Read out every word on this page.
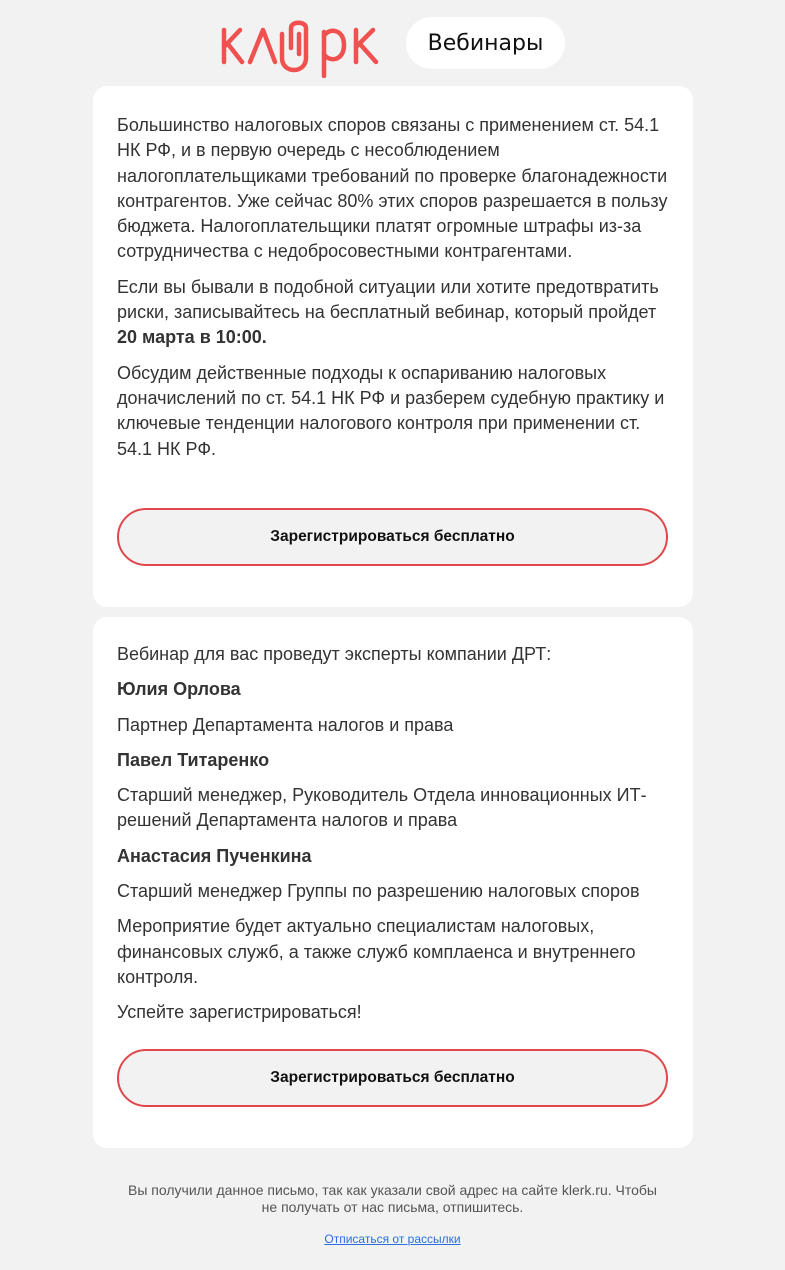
Вебинары

Большинство налоговых споров связаны с применением ст. 54.1 НК РФ, и в первую очередь с несоблюдением налогоплательщиками требований по проверке благонадежности контрагентов. Уже сейчас 80% этих споров разрешается в пользу бюджета. Налогоплательщики платят огромные штрафы из-за сотрудничества с недобросовестными контрагентами.

Если вы бывали в подобной ситуации или хотите предотвратить риски, записывайтесь на бесплатный вебинар, который пройдет 20 марта в 10:00.

Обсудим действенные подходы к оспариванию налоговых доначислений по ст. 54.1 НК РФ и разберем судебную практику и ключевые тенденции налогового контроля при применении ст. 54.1 НК РФ.

Зарегистрироваться бесплатно

Вебинар для вас проведут эксперты компании ДРТ:

Юлия Орлова

Партнер Департамента налогов и права

Павел Титаренко

Старший менеджер, Руководитель Отдела инновационных ИТ-решений Департамента налогов и права

Анастасия Пученкина

Старший менеджер Группы по разрешению налоговых споров

Мероприятие будет актуально специалистам налоговых, финансовых служб, а также служб комплаенса и внутреннего контроля.

Успейте зарегистрироваться!

Зарегистрироваться бесплатно
Вы получили данное письмо, так как указали свой адрес на сайте klerk.ru. Чтобы не получать от нас письма, отпишитесь.
Отписаться от рассылки
